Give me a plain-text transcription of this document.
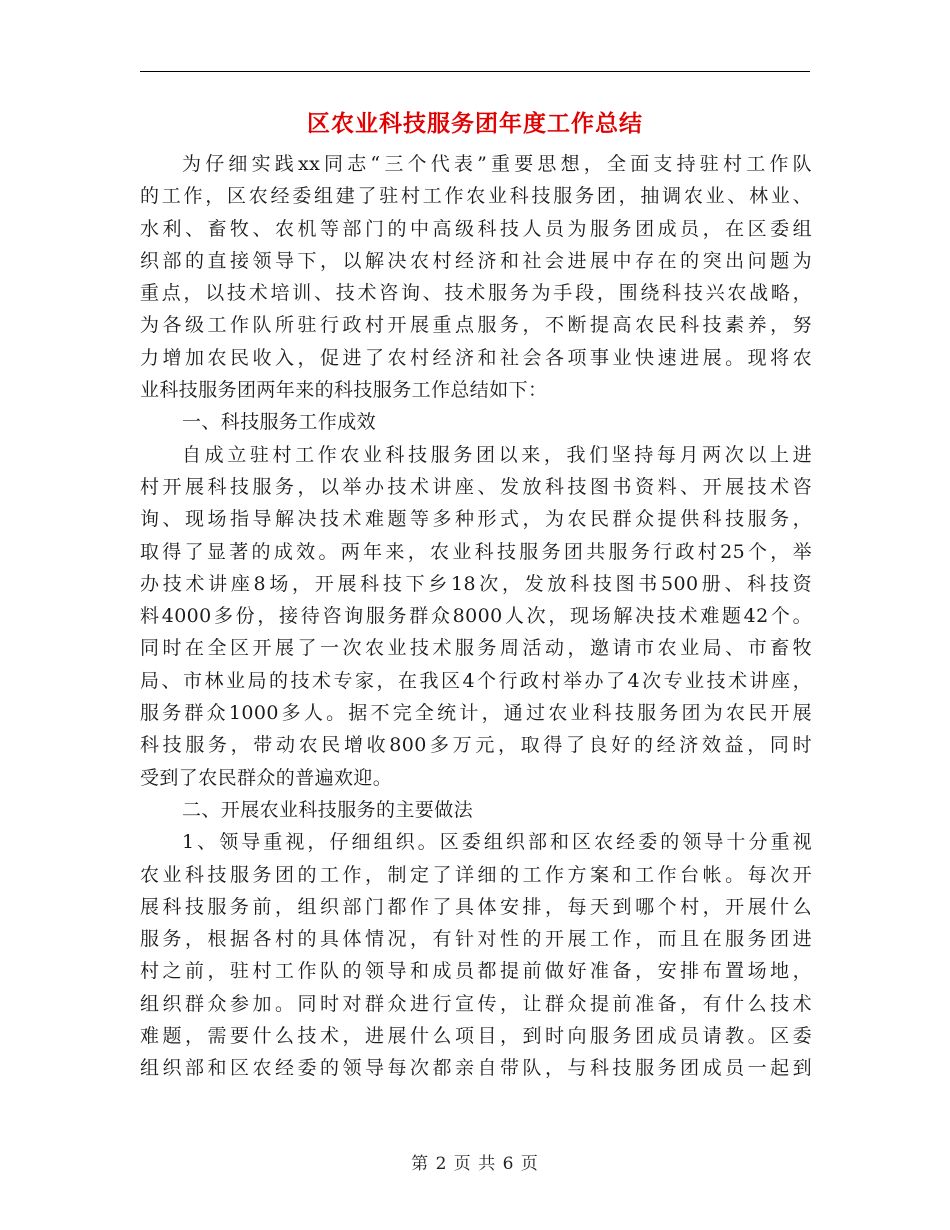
区农业科技服务团年度工作总结
为仔细实践xx同志“三个代表”重要思想，全面支持驻村工作队
的工作，区农经委组建了驻村工作农业科技服务团，抽调农业、林业、
水利、畜牧、农机等部门的中高级科技人员为服务团成员，在区委组
织部的直接领导下，以解决农村经济和社会进展中存在的突出问题为
重点，以技术培训、技术咨询、技术服务为手段，围绕科技兴农战略，
为各级工作队所驻行政村开展重点服务，不断提高农民科技素养，努
力增加农民收入，促进了农村经济和社会各项事业快速进展。现将农
业科技服务团两年来的科技服务工作总结如下：
一、科技服务工作成效
自成立驻村工作农业科技服务团以来，我们坚持每月两次以上进
村开展科技服务，以举办技术讲座、发放科技图书资料、开展技术咨
询、现场指导解决技术难题等多种形式，为农民群众提供科技服务，
取得了显著的成效。两年来，农业科技服务团共服务行政村25个，举
办技术讲座8场，开展科技下乡18次，发放科技图书500册、科技资
料4000多份，接待咨询服务群众8000人次，现场解决技术难题42个。
同时在全区开展了一次农业技术服务周活动，邀请市农业局、市畜牧
局、市林业局的技术专家，在我区4个行政村举办了4次专业技术讲座，
服务群众1000多人。据不完全统计，通过农业科技服务团为农民开展
科技服务，带动农民增收800多万元，取得了良好的经济效益，同时
受到了农民群众的普遍欢迎。
二、开展农业科技服务的主要做法
1、领导重视，仔细组织。区委组织部和区农经委的领导十分重视
农业科技服务团的工作，制定了详细的工作方案和工作台帐。每次开
展科技服务前，组织部门都作了具体安排，每天到哪个村，开展什么
服务，根据各村的具体情况，有针对性的开展工作，而且在服务团进
村之前，驻村工作队的领导和成员都提前做好准备，安排布置场地，
组织群众参加。同时对群众进行宣传，让群众提前准备，有什么技术
难题，需要什么技术，进展什么项目，到时向服务团成员请教。区委
组织部和区农经委的领导每次都亲自带队，与科技服务团成员一起到
第 2 页 共 6 页
